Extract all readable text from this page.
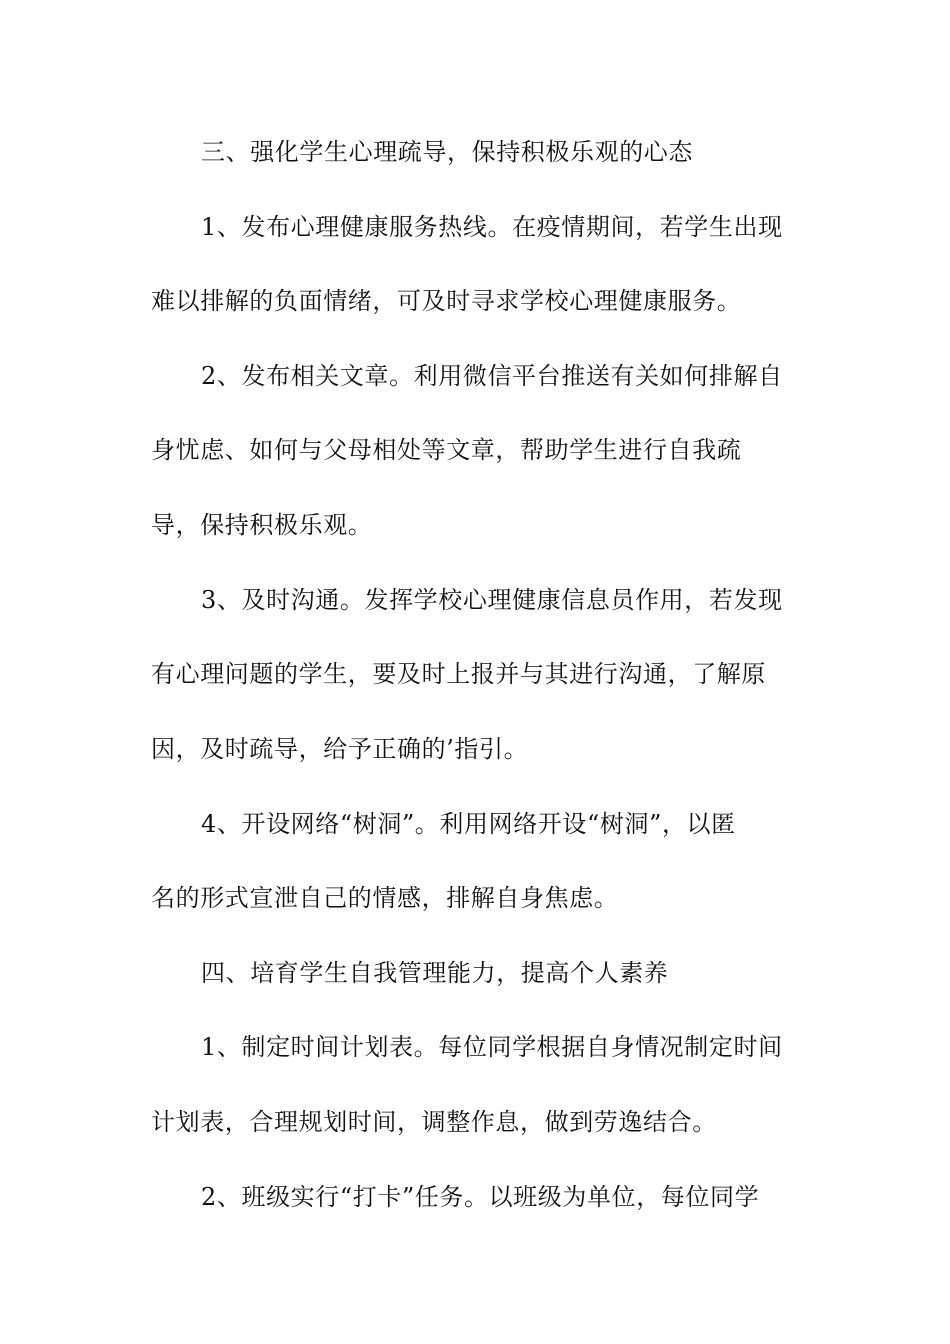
三、强化学生心理疏导，保持积极乐观的心态
1、发布心理健康服务热线。在疫情期间，若学生出现
难以排解的负面情绪，可及时寻求学校心理健康服务。
2、发布相关文章。利用微信平台推送有关如何排解自
身忧虑、如何与父母相处等文章，帮助学生进行自我疏
导，保持积极乐观。
3、及时沟通。发挥学校心理健康信息员作用，若发现
有心理问题的学生，要及时上报并与其进行沟通，了解原
因，及时疏导，给予正确的’指引。
4、开设网络“树洞”。利用网络开设“树洞”，以匿
名的形式宣泄自己的情感，排解自身焦虑。
四、培育学生自我管理能力，提高个人素养
1、制定时间计划表。每位同学根据自身情况制定时间
计划表，合理规划时间，调整作息，做到劳逸结合。
2、班级实行“打卡”任务。以班级为单位，每位同学
